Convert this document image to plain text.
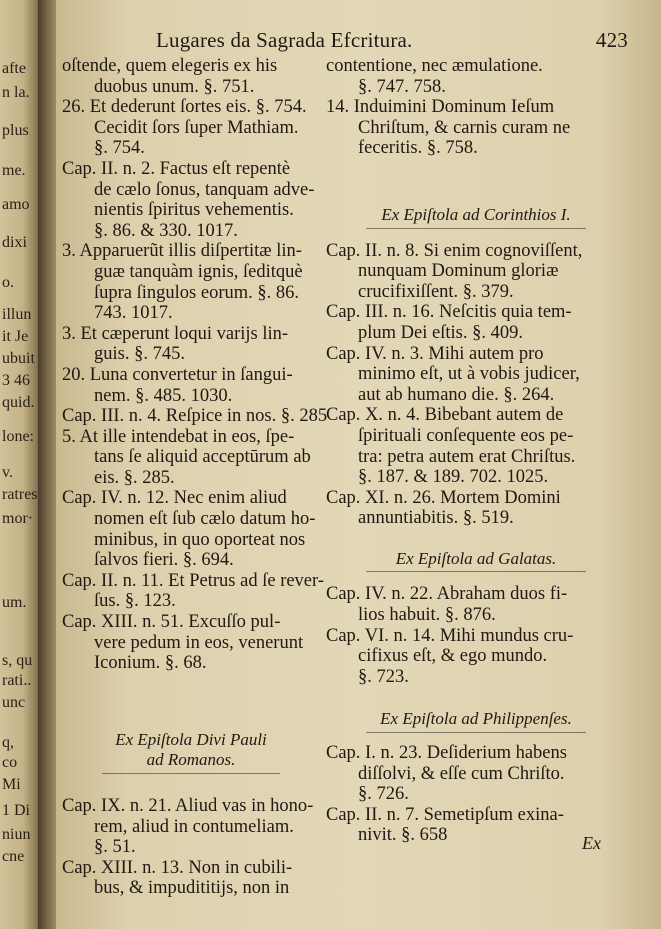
afte
n la.
plus
me.
amo
dixi
o.
illun
it Je
ubuit
3 46
quid.
lone:
v.
ratres
mor·
um.
s, qu
rati..
unc
q,
co
Mi
1 Di
niun
cne
Lugares da Sagrada Efcritura.	423
oſtende, quem elegeris ex his
duobus unum. §. 751.
26. Et dederunt ſortes eis. §. 754.
Cecidit ſors ſuper Mathiam.
§. 754.
Cap. II. n. 2. Factus eſt repentè
de cælo ſonus, tanquam adve-
nientis ſpiritus vehementis.
§. 86. & 330. 1017.
3. Apparuerũt illis diſpertitæ lin-
guæ tanquàm ignis, ſeditquè
ſupra ſingulos eorum. §. 86.
743. 1017.
3. Et cæperunt loqui varijs lin-
guis. §. 745.
20. Luna convertetur in ſangui-
nem. §. 485. 1030.
Cap. III. n. 4. Reſpice in nos. §. 285
5. At ille intendebat in eos, ſpe-
tans ſe aliquid acceptūrum ab
eis. §. 285.
Cap. IV. n. 12. Nec enim aliud
nomen eſt ſub cælo datum ho-
minibus, in quo oporteat nos
ſalvos fieri. §. 694.
Cap. II. n. 11. Et Petrus ad ſe rever-
ſus. §. 123.
Cap. XIII. n. 51. Excuſſo pul-
vere pedum in eos, venerunt
Iconium. §. 68.
Ex Epiſtola Divi Pauli
ad Romanos.
Cap. IX. n. 21. Aliud vas in hono-
rem, aliud in contumeliam.
§. 51.
Cap. XIII. n. 13. Non in cubili-
bus, & impudititijs, non in
contentione, nec æmulatione.
§. 747. 758.
14. Induimini Dominum Ieſum
Chriſtum, & carnis curam ne
feceritis. §. 758.
Ex Epiſtola ad Corinthios I.
Cap. II. n. 8. Si enim cognoviſſent,
nunquam Dominum gloriæ
crucifixiſſent. §. 379.
Cap. III. n. 16. Neſcitis quia tem-
plum Dei eſtis. §. 409.
Cap. IV. n. 3. Mihi autem pro
minimo eſt, ut à vobis judicer,
aut ab humano die. §. 264.
Cap. X. n. 4. Bibebant autem de
ſpirituali conſequente eos pe-
tra: petra autem erat Chriſtus.
§. 187. & 189. 702. 1025.
Cap. XI. n. 26. Mortem Domini
annuntiabitis. §. 519.
Ex Epiſtola ad Galatas.
Cap. IV. n. 22. Abraham duos fi-
lios habuit. §. 876.
Cap. VI. n. 14. Mihi mundus cru-
cifixus eſt, & ego mundo.
§. 723.
Ex Epiſtola ad Philippenſes.
Cap. I. n. 23. Deſiderium habens
diſſolvi, & eſſe cum Chriſto.
§. 726.
Cap. II. n. 7. Semetipſum exina-
nivit. §. 658	Ex
